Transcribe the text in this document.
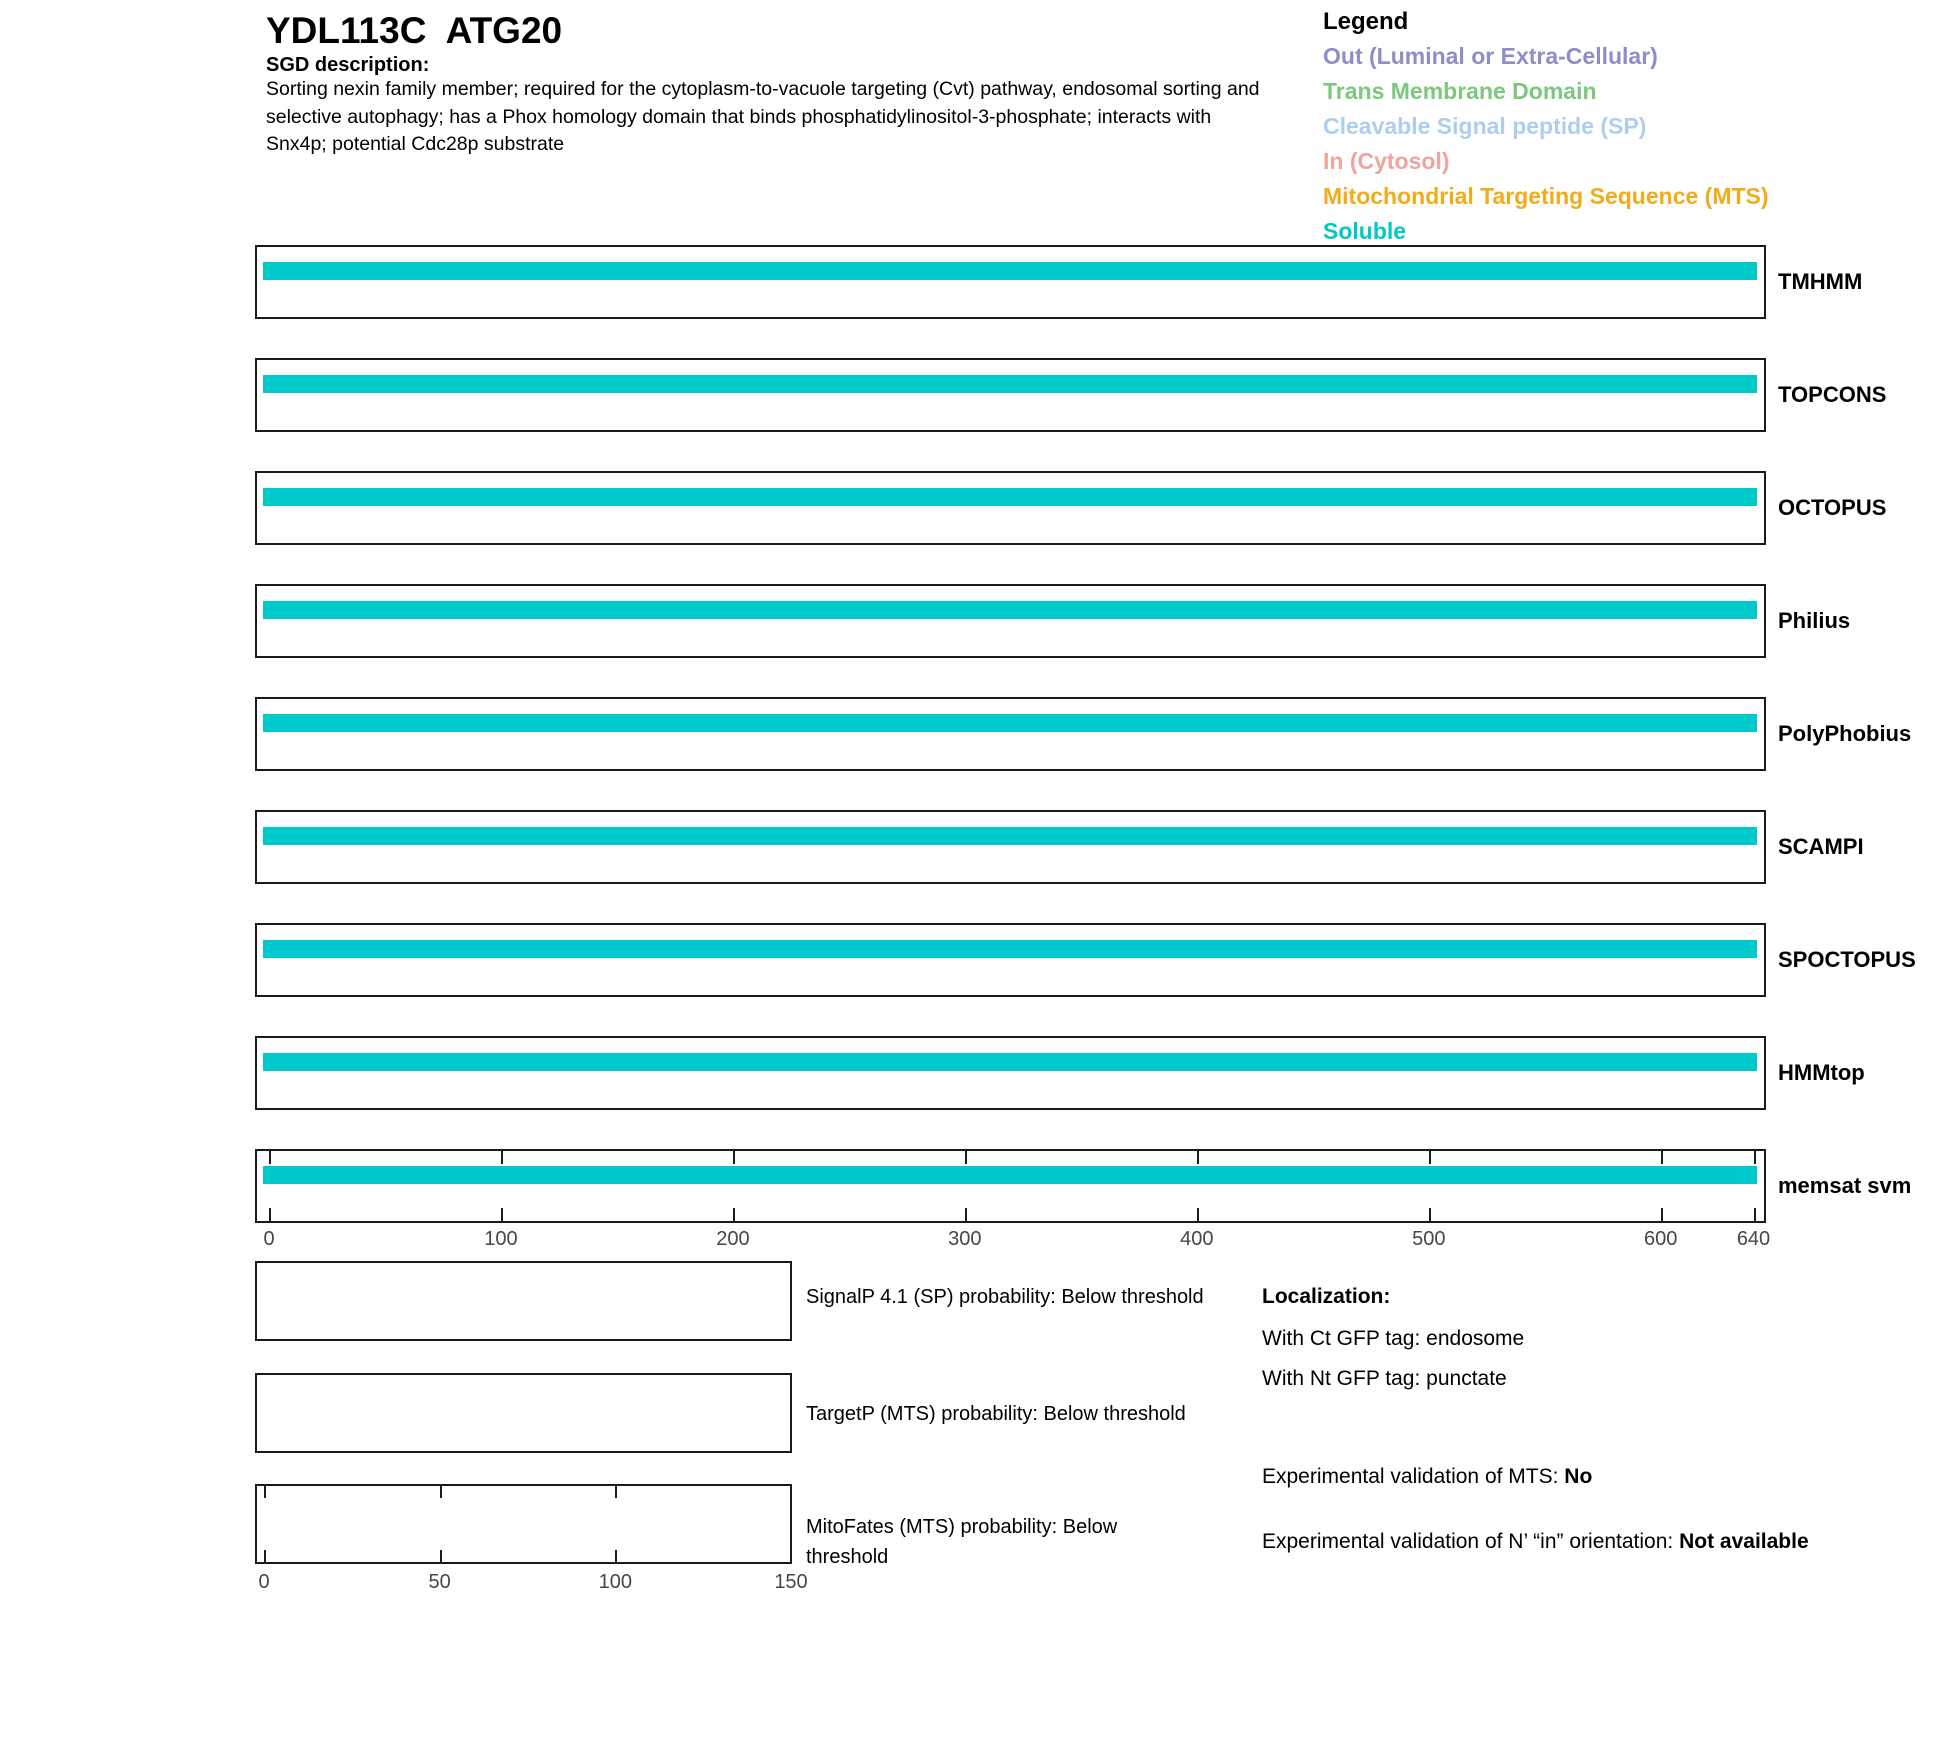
YDL113C  ATG20
SGD description:
Sorting nexin family member; required for the cytoplasm-to-vacuole targeting (Cvt) pathway, endosomal sorting and selective autophagy; has a Phox homology domain that binds phosphatidylinositol-3-phosphate; interacts with Snx4p; potential Cdc28p substrate
Legend
Out (Luminal or Extra-Cellular)
Trans Membrane Domain
Cleavable Signal peptide (SP)
In (Cytosol)
Mitochondrial Targeting Sequence (MTS)
Soluble
Localization:
With Ct GFP tag: endosome
With Nt GFP tag: punctate
Experimental validation of MTS: No
Experimental validation of N’ “in” orientation: Not available
TMHMM
TOPCONS
OCTOPUS
Philius
PolyPhobius
SCAMPI
SPOCTOPUS
HMMtop
memsat svm
0	100	200	300	400	500	600	640
SignalP 4.1 (SP) probability: Below threshold
TargetP (MTS) probability: Below threshold
MitoFates (MTS) probability: Below threshold
0	50	100	150
